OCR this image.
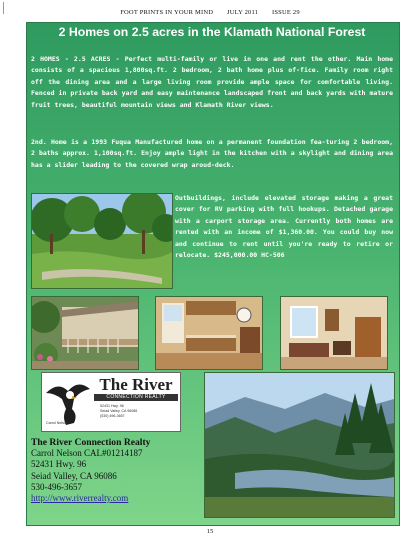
FOOT PRINTS IN YOUR MIND JULY 2011 ISSUE 29
2 Homes on 2.5 acres in the Klamath National Forest

2 HOMES - 2.5 ACRES - Perfect multi-family or live in one and rent the other. Main home consists of a spacious 1,800sq.ft. 2 bedroom, 2 bath home plus of-fice. Family room right off the dining area and a large living room provide ample space for comfortable living. Fenced in private back yard and easy maintenance landscaped front and back yards with mature fruit trees, beautiful mountain views and Klamath River views.

2nd. Home is a 1993 Fuqua Manufactured home on a permanent foundation fea-turing 2 bedroom, 2 baths approx. 1,100sq.ft. Enjoy ample light in the kitchen with a skylight and dining area has a slider leading to the covered wrap aroud-deck.

Outbuildings, include elevated storage making a great cover for RV parking with full hookups. Detached garage with a carport storage area. Currently both homes are rented with an income of $1,360.00. You could buy now and continue to rent until you're ready to retire or relocate. $245,000.00 HC-506

The River
CONNECTION REALTY
52431 Hwy. 96
Seiad Valley, CA 96086
(530) 496-3657
Carrol Nelson
The River Connection Realty
Carrol Nelson CAL#01214187
52431 Hwy. 96
Seiad Valley, CA 96086
530-496-3657
http://www.riverrealty.com
15
